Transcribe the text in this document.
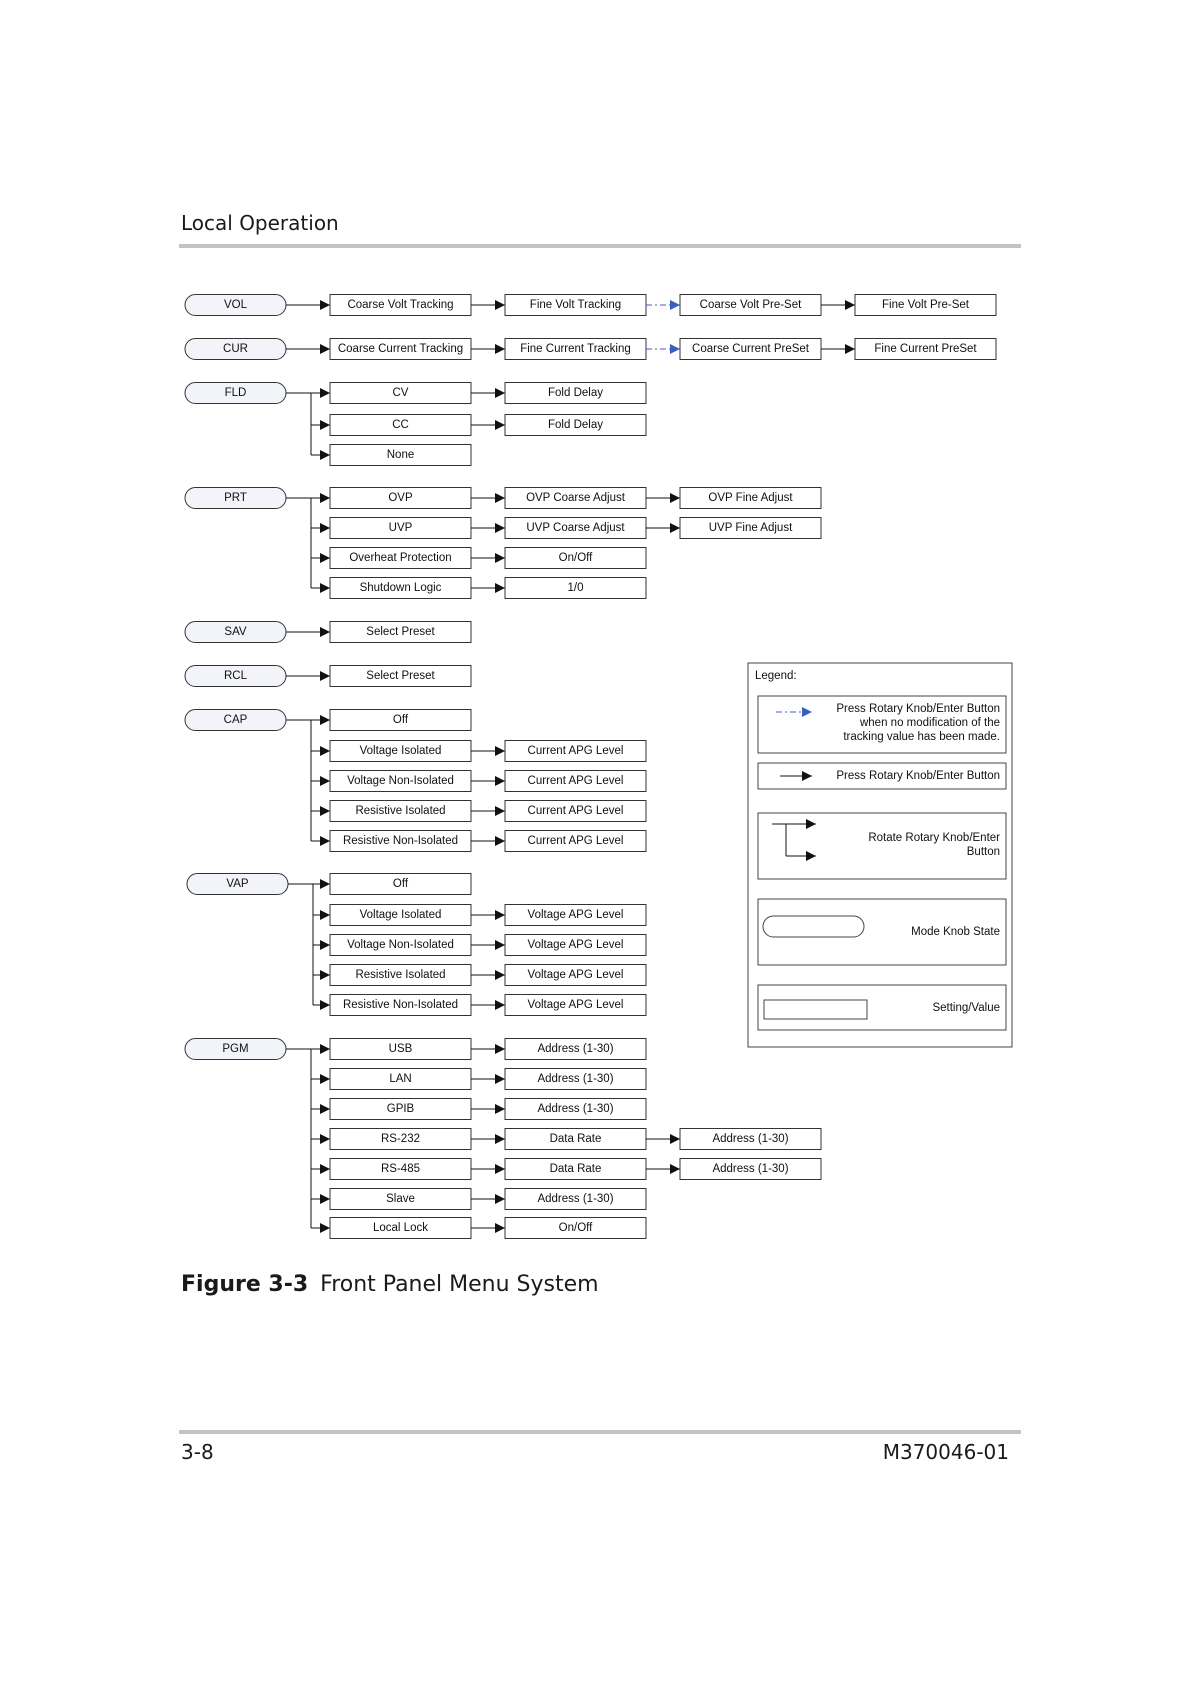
Local Operation
VOL	Coarse Volt Tracking	Fine Volt Tracking	Coarse Volt Pre-Set	Fine Volt Pre-Set
CUR	Coarse Current Tracking	Fine Current Tracking	Coarse Current PreSet	Fine Current PreSet
FLD	CV	Fold Delay
CC	Fold Delay
None
PRT	OVP	OVP Coarse Adjust	OVP Fine Adjust
UVP	UVP Coarse Adjust	UVP Fine Adjust
Overheat Protection	On/Off
Shutdown Logic	1/0
SAV	Select Preset
RCL	Select Preset
CAP	Off
Voltage Isolated	Current APG Level
Voltage Non-Isolated	Current APG Level
Resistive Isolated	Current APG Level
Resistive Non-Isolated	Current APG Level
VAP	Off
Voltage Isolated	Voltage APG Level
Voltage Non-Isolated	Voltage APG Level
Resistive Isolated	Voltage APG Level
Resistive Non-Isolated	Voltage APG Level
PGM	USB	Address (1-30)
LAN	Address (1-30)
GPIB	Address (1-30)
RS-232	Data Rate	Address (1-30)
RS-485	Data Rate	Address (1-30)
Slave	Address (1-30)
Local Lock	On/Off
Legend:
Press Rotary Knob/Enter Button
when no modification of the
tracking value has been made.
Press Rotary Knob/Enter Button
Rotate Rotary Knob/Enter
Button
Mode Knob State
Setting/Value
Figure 3-3 Front Panel Menu System
3-8	M370046-01
